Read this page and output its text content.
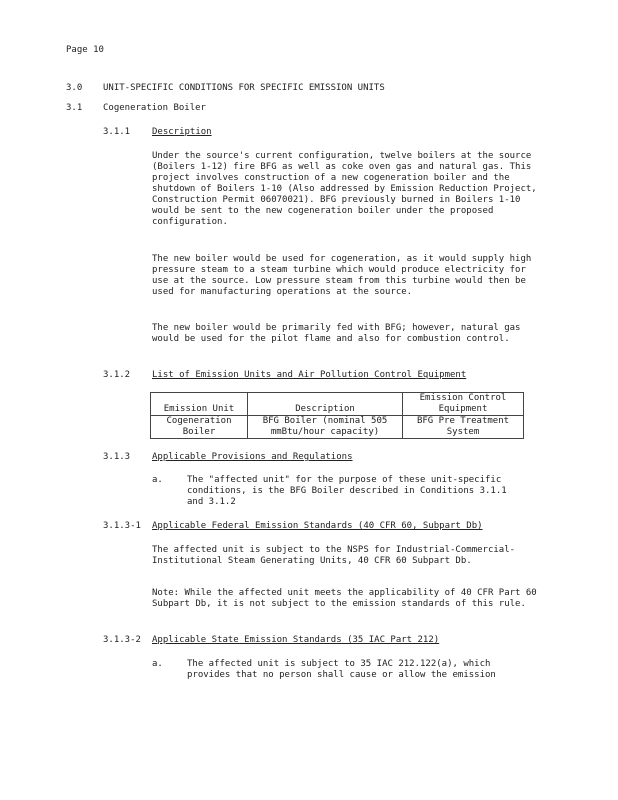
Page 10
3.0 UNIT-SPECIFIC CONDITIONS FOR SPECIFIC EMISSION UNITS
3.1 Cogeneration Boiler
3.1.1 Description

Under the source's current configuration, twelve boilers at the source (Boilers 1-12) fire BFG as well as coke oven gas and natural gas. This project involves construction of a new cogeneration boiler and the shutdown of Boilers 1-10 (Also addressed by Emission Reduction Project, Construction Permit 06070021). BFG previously burned in Boilers 1-10 would be sent to the new cogeneration boiler under the proposed configuration.

The new boiler would be used for cogeneration, as it would supply high pressure steam to a steam turbine which would produce electricity for use at the source. Low pressure steam from this turbine would then be used for manufacturing operations at the source.

The new boiler would be primarily fed with BFG; however, natural gas would be used for the pilot flame and also for combustion control.

3.1.2 List of Emission Units and Air Pollution Control Equipment
Emission Unit	Description	Emission Control Equipment
Cogeneration Boiler	BFG Boiler (nominal 505 mmBtu/hour capacity)	BFG Pre Treatment System
3.1.3 Applicable Provisions and Regulations
a.	The "affected unit" for the purpose of these unit-specific conditions, is the BFG Boiler described in Conditions 3.1.1 and 3.1.2
3.1.3-1 Applicable Federal Emission Standards (40 CFR 60, Subpart Db)

The affected unit is subject to the NSPS for Industrial-Commercial-Institutional Steam Generating Units, 40 CFR 60 Subpart Db.

Note: While the affected unit meets the applicability of 40 CFR Part 60 Subpart Db, it is not subject to the emission standards of this rule.

3.1.3-2 Applicable State Emission Standards (35 IAC Part 212)
a.	The affected unit is subject to 35 IAC 212.122(a), which provides that no person shall cause or allow the emission
